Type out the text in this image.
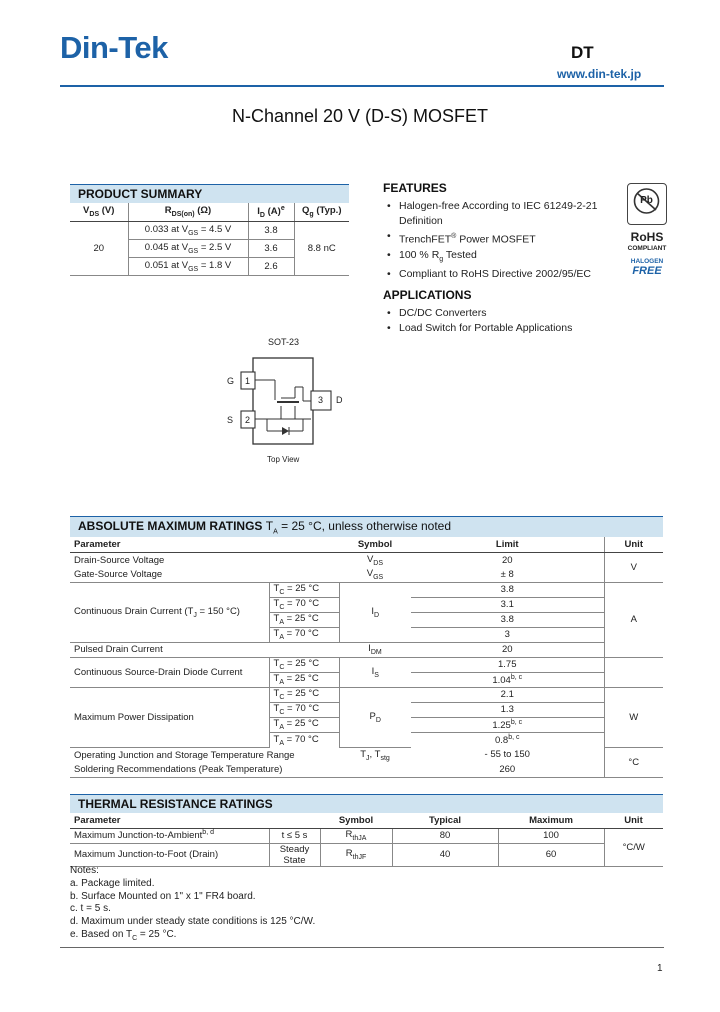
Din-Tek	DT
www.din-tek.jp
N-Channel 20 V (D-S) MOSFET
PRODUCT SUMMARY
$V_{DS}$ (V)	$R_{DS(on)}$ (Ω)	$I_D$ $(A)^e$	$Q_g$ (Typ.)
20	0.033 at $V_{GS} = 4.5$ V	3.8	8.8 nC
	0.045 at $V_{GS} = 2.5$ V	3.6	
	0.051 at $V_{GS} = 1.8$ V	2.6	
FEATURES
• Halogen-free According to IEC 61249-2-21
Definition
• TrenchFET® Power MOSFET
• 100 % $R_g$ Tested
• Compliant to RoHS Directive 2002/95/EC
APPLICATIONS
• DC/DC Converters
• Load Switch for Portable Applications
Pb
RoHS
COMPLIANT
HALOGEN
FREE
SOT-23
G 1
S 2
3 D
Top View
ABSOLUTE MAXIMUM RATINGS $T_A = 25$ °C, unless otherwise noted
Parameter		Symbol	Limit	Unit
Drain-Source Voltage		$V_{DS}$	20	V
Gate-Source Voltage		$V_{GS}$	± 8	
Continuous Drain Current ($T_J = 150$ °C)	$T_C = 25$ °C	$I_D$	3.8	A
	$T_C = 70$ °C		3.1	
	$T_A = 25$ °C		3.8	
	$T_A = 70$ °C		3	
Pulsed Drain Current		$I_{DM}$	20	
Continuous Source-Drain Diode Current	$T_C = 25$ °C	$I_S$	1.75	
	$T_A = 25$ °C		1.04$^{b, c}$
Maximum Power Dissipation	$T_C = 25$ °C	$P_D$	2.1	W
	$T_C = 70$ °C		1.3	
	$T_A = 25$ °C		1.25$^{b, c}$
	$T_A = 70$ °C		0.8$^{b, c}$
Operating Junction and Storage Temperature Range		$T_J$, $T_{stg}$	- 55 to 150	°C
Soldering Recommendations (Peak Temperature)			260	
THERMAL RESISTANCE RATINGS
Parameter		Symbol	Typical	Maximum	Unit
Maximum Junction-to-Ambient$^{b, d}$	t ≤ 5 s	$R_{thJA}$	80	100	°C/W
Maximum Junction-to-Foot (Drain)	Steady State	$R_{thJF}$	40	60	
Notes:
a. Package limited.
b. Surface Mounted on 1" x 1" FR4 board.
c. t = 5 s.
d. Maximum under steady state conditions is 125 °C/W.
e. Based on $T_C = 25$ °C.
1
